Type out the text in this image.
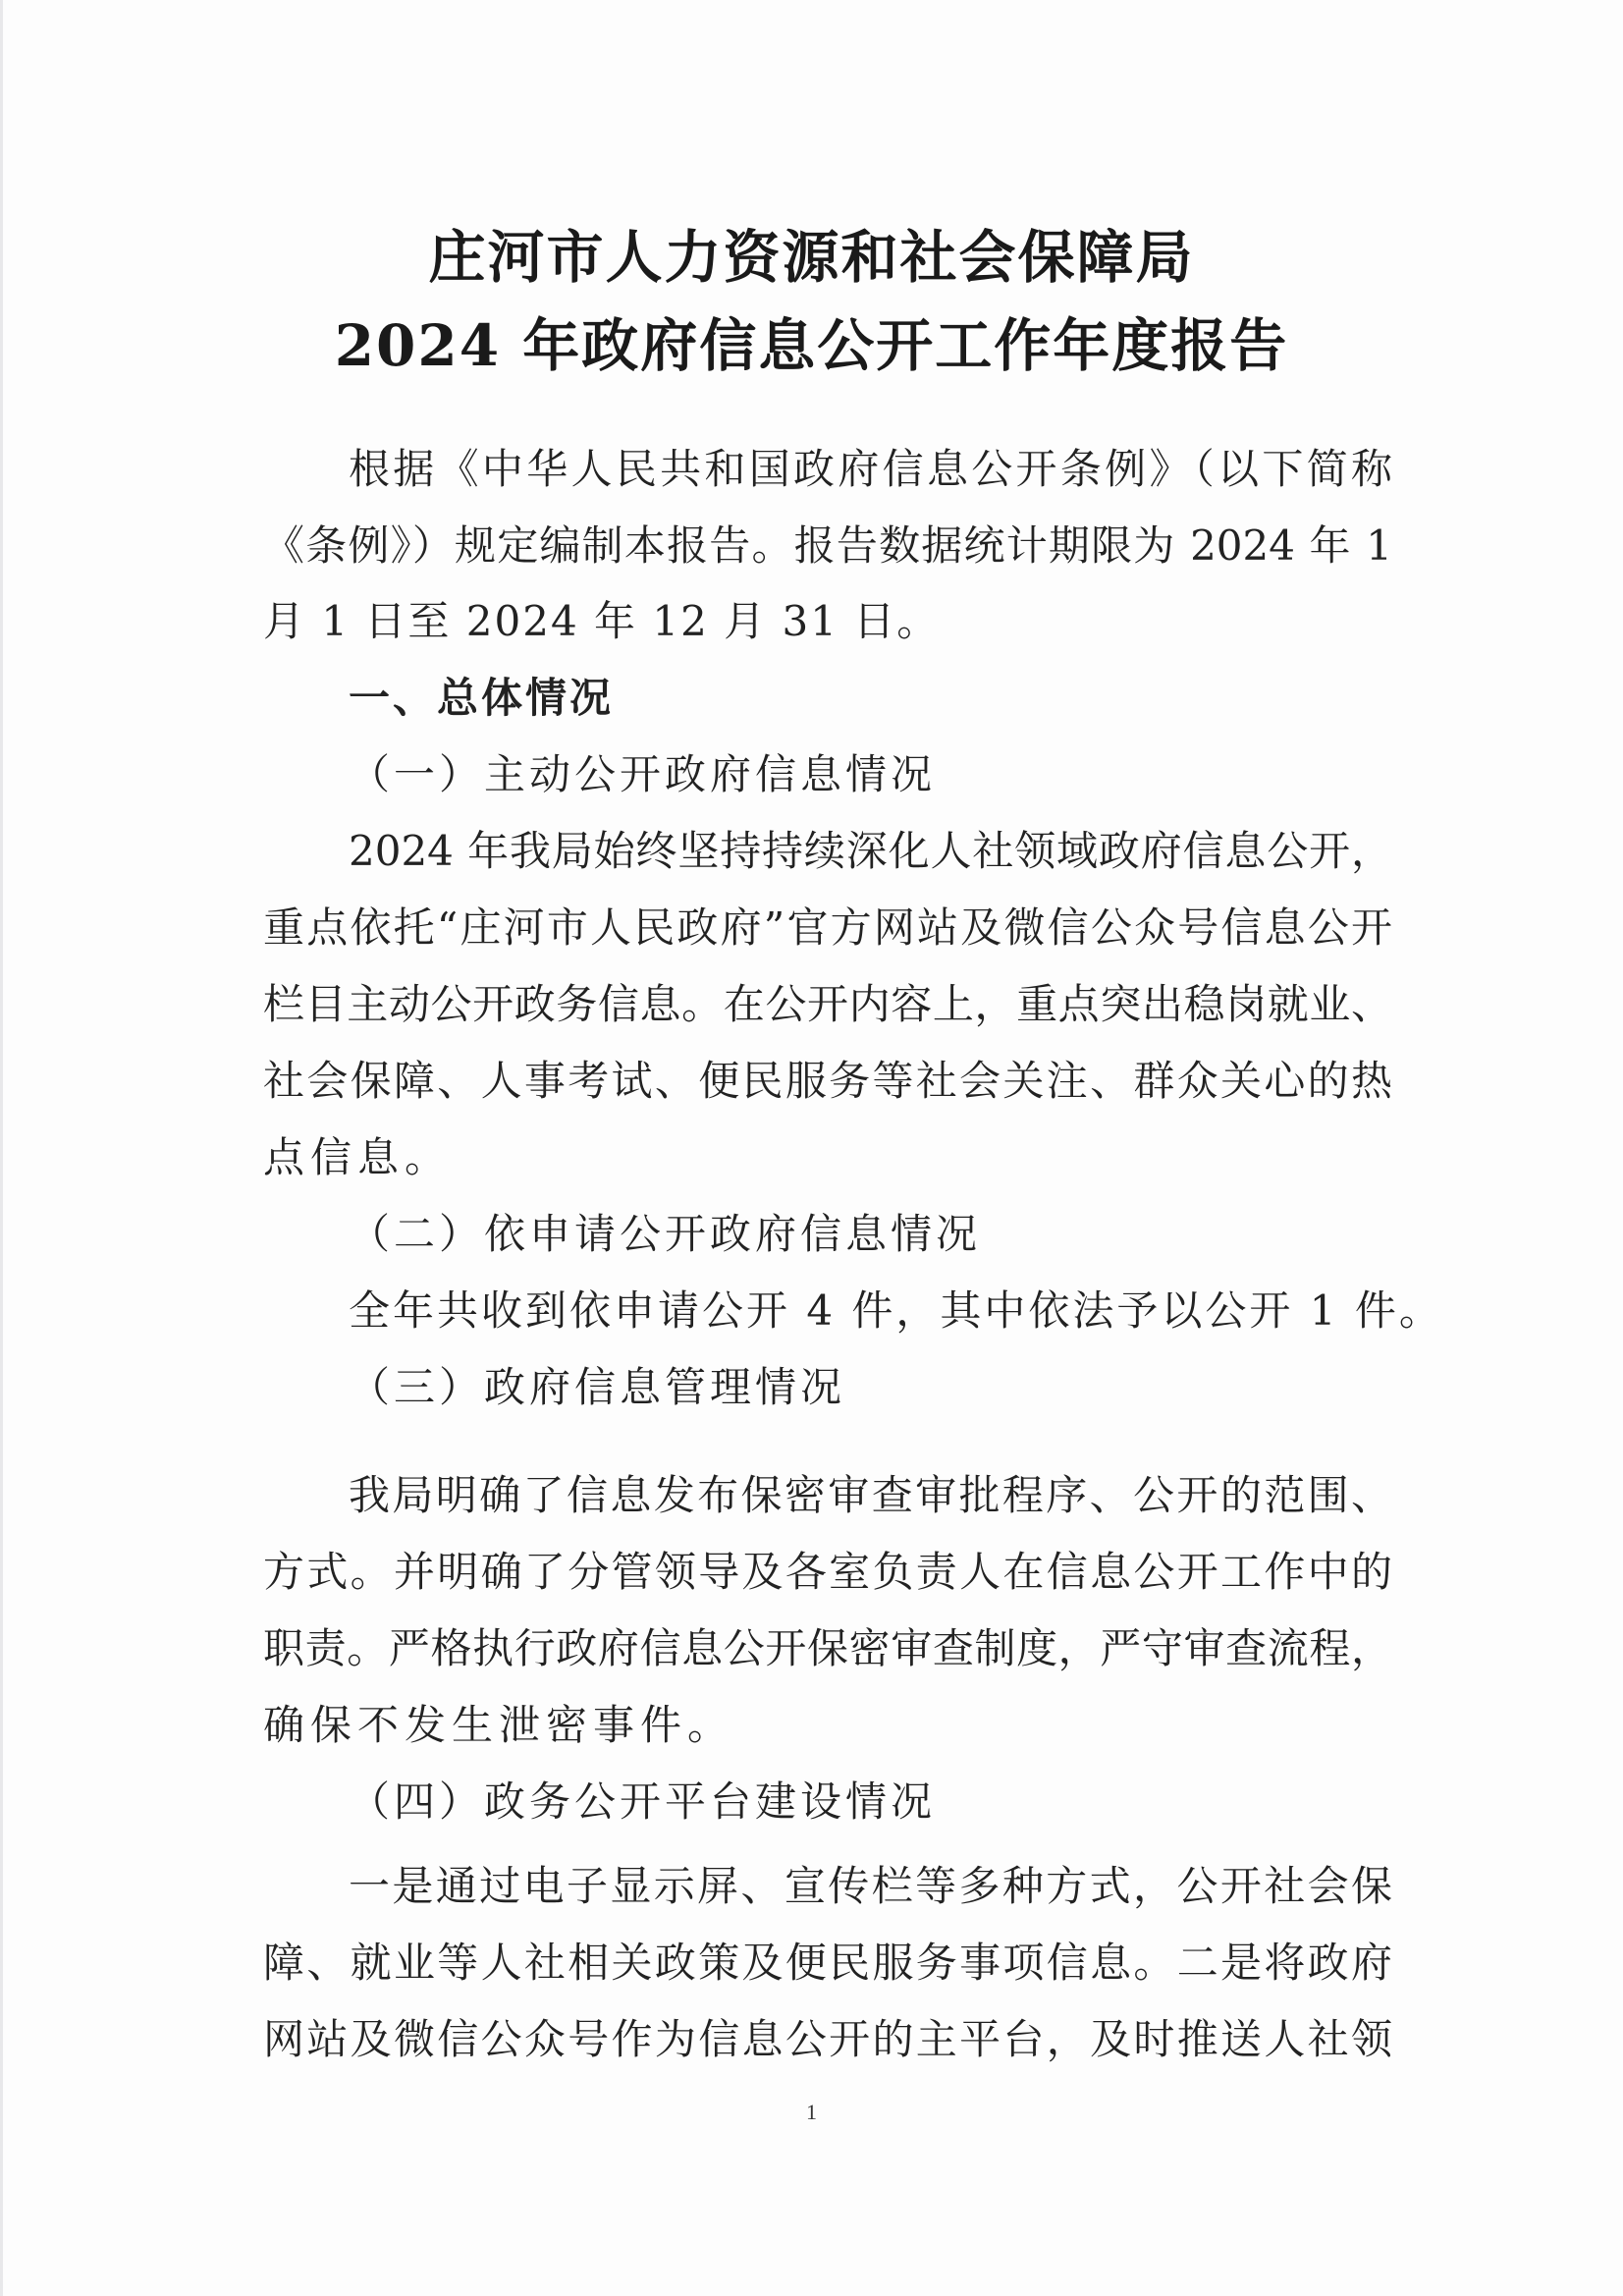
庄河市人力资源和社会保障局
2024 年政府信息公开工作年度报告
根据《中华人民共和国政府信息公开条例》（以下简称
《条例》）规定编制本报告。报告数据统计期限为 2024 年 1
月 1 日至 2024 年 12 月 31 日。
一、总体情况
（一）主动公开政府信息情况
2024 年我局始终坚持持续深化人社领域政府信息公开，
重点依托“庄河市人民政府”官方网站及微信公众号信息公开
栏目主动公开政务信息。在公开内容上，重点突出稳岗就业、
社会保障、人事考试、便民服务等社会关注、群众关心的热
点信息。
（二）依申请公开政府信息情况
全年共收到依申请公开 4 件，其中依法予以公开 1 件。
（三）政府信息管理情况
我局明确了信息发布保密审查审批程序、公开的范围、
方式。并明确了分管领导及各室负责人在信息公开工作中的
职责。严格执行政府信息公开保密审查制度，严守审查流程，
确保不发生泄密事件。
（四）政务公开平台建设情况
一是通过电子显示屏、宣传栏等多种方式，公开社会保
障、就业等人社相关政策及便民服务事项信息。二是将政府
网站及微信公众号作为信息公开的主平台，及时推送人社领
1
